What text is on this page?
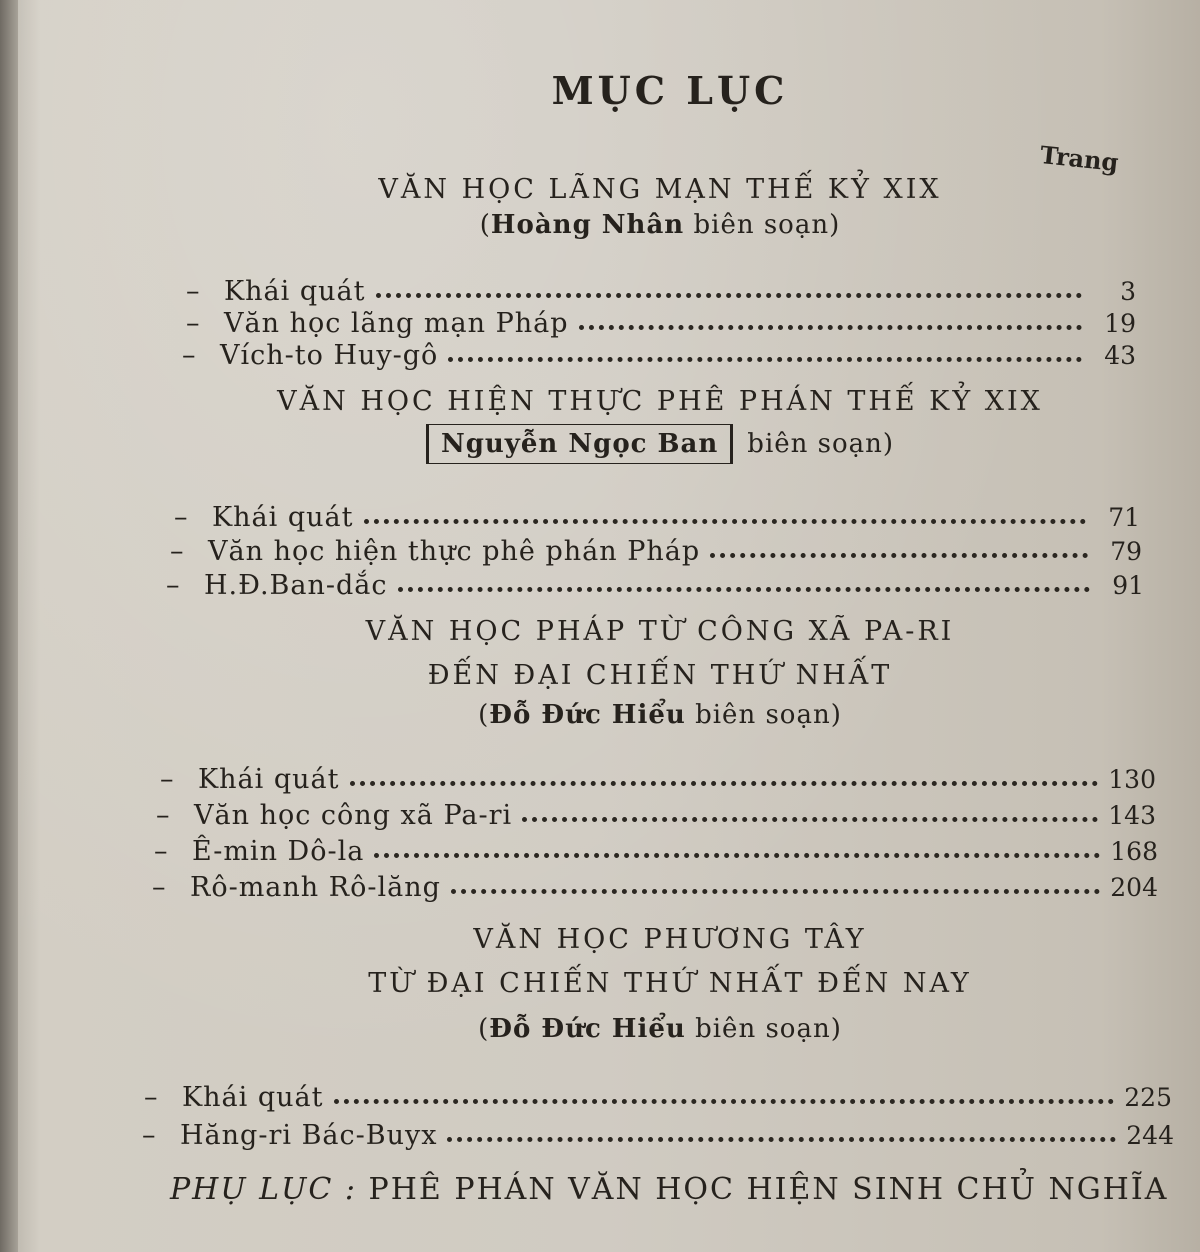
MỤC LỤC
Trang
VĂN HỌC LÃNG MẠN THẾ KỶ XIX
(Hoàng Nhân biên soạn)
– Khái quát	3
– Văn học lãng mạn Pháp	19
– Vích-to Huy-gô	43
VĂN HỌC HIỆN THỰC PHÊ PHÁN THẾ KỶ XIX
Nguyễn Ngọc Ban biên soạn)
– Khái quát	71
– Văn học hiện thực phê phán Pháp	79
– H.Đ.Ban-dắc	91
VĂN HỌC PHÁP TỪ CÔNG XÃ PA-RI
ĐẾN ĐẠI CHIẾN THỨ NHẤT
(Đỗ Đức Hiểu biên soạn)
– Khái quát	130
– Văn học công xã Pa-ri	143
– Ê-min Dô-la	168
– Rô-manh Rô-lăng	204
VĂN HỌC PHƯƠNG TÂY
TỪ ĐẠI CHIẾN THỨ NHẤT ĐẾN NAY
(Đỗ Đức Hiểu biên soạn)
– Khái quát	225
– Hăng-ri Bác-Buyx	244
PHỤ LỤC : PHÊ PHÁN VĂN HỌC HIỆN SINH CHỦ NGHĨA
